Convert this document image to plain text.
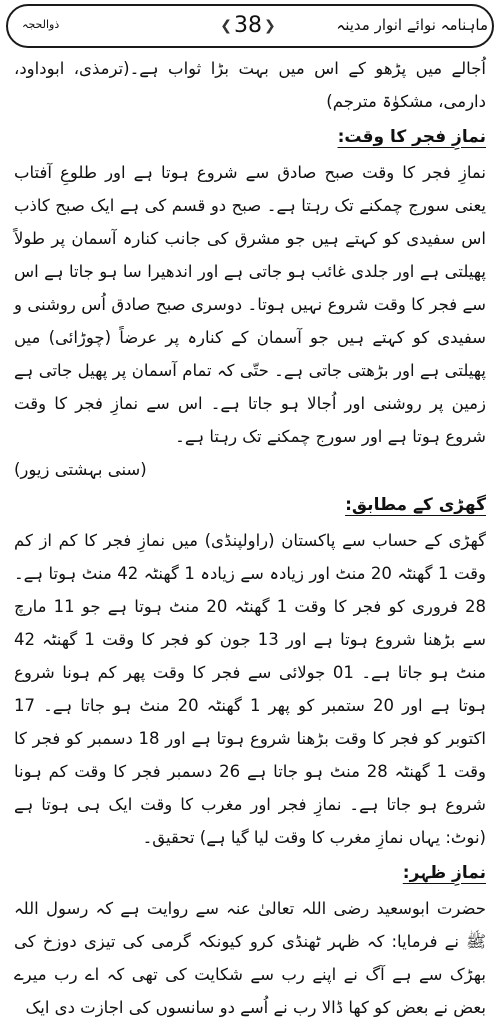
ماہنامہ نوائے انوار مدینہ
❮38 ❯
ذوالحجہ

اُجالے میں پڑھو کے اس میں بہت بڑا ثواب ہے۔(ترمذی، ابوداود، دارمی، مشکوٰۃ مترجم)

نمازِ فجر کا وقت:

نمازِ فجر کا وقت صبح صادق سے شروع ہوتا ہے اور طلوعِ آفتاب یعنی سورج چمکنے تک رہتا ہے۔ صبح دو قسم کی ہے ایک صبح کاذب اس سفیدی کو کہتے ہیں جو مشرق کی جانب کنارہ آسمان پر طولاً پھیلتی ہے اور جلدی غائب ہو جاتی ہے اور اندھیرا سا ہو جاتا ہے اس سے فجر کا وقت شروع نہیں ہوتا۔ دوسری صبح صادق اُس روشنی و سفیدی کو کہتے ہیں جو آسمان کے کنارہ پر عرضاً (چوڑائی) میں پھیلتی ہے اور بڑھتی جاتی ہے۔ حتّی کہ تمام آسمان پر پھیل جاتی ہے زمین پر روشنی اور اُجالا ہو جاتا ہے۔ اس سے نمازِ فجر کا وقت شروع ہوتا ہے اور سورج چمکنے تک رہتا ہے۔

(سنی بہشتی زیور)

گھڑی کے مطابق:

گھڑی کے حساب سے پاکستان (راولپنڈی) میں نمازِ فجر کا کم از کم وقت 1 گھنٹہ 20 منٹ اور زیادہ سے زیادہ 1 گھنٹہ 42 منٹ ہوتا ہے۔ 28 فروری کو فجر کا وقت 1 گھنٹہ 20 منٹ ہوتا ہے جو 11 مارچ سے بڑھنا شروع ہوتا ہے اور 13 جون کو فجر کا وقت 1 گھنٹہ 42 منٹ ہو جاتا ہے۔ 01 جولائی سے فجر کا وقت پھر کم ہونا شروع ہوتا ہے اور 20 ستمبر کو پھر 1 گھنٹہ 20 منٹ ہو جاتا ہے۔ 17 اکتوبر کو فجر کا وقت بڑھنا شروع ہوتا ہے اور 18 دسمبر کو فجر کا وقت 1 گھنٹہ 28 منٹ ہو جاتا ہے 26 دسمبر فجر کا وقت کم ہونا شروع ہو جاتا ہے۔ نمازِ فجر اور مغرب کا وقت ایک ہی ہوتا ہے (نوٹ: یہاں نمازِ مغرب کا وقت لیا گیا ہے) تحقیق۔

نمازِ ظہر:

حضرت ابوسعید رضی اللہ تعالیٰ عنہ سے روایت ہے کہ رسول اللہ ﷺ نے فرمایا: کہ ظہر ٹھنڈی کرو کیونکہ گرمی کی تیزی دوزخ کی بھڑک سے ہے آگ نے اپنے رب سے شکایت کی تھی کہ اے رب میرے بعض نے بعض کو کھا ڈالا رب نے اُسے دو سانسوں کی اجازت دی ایک
